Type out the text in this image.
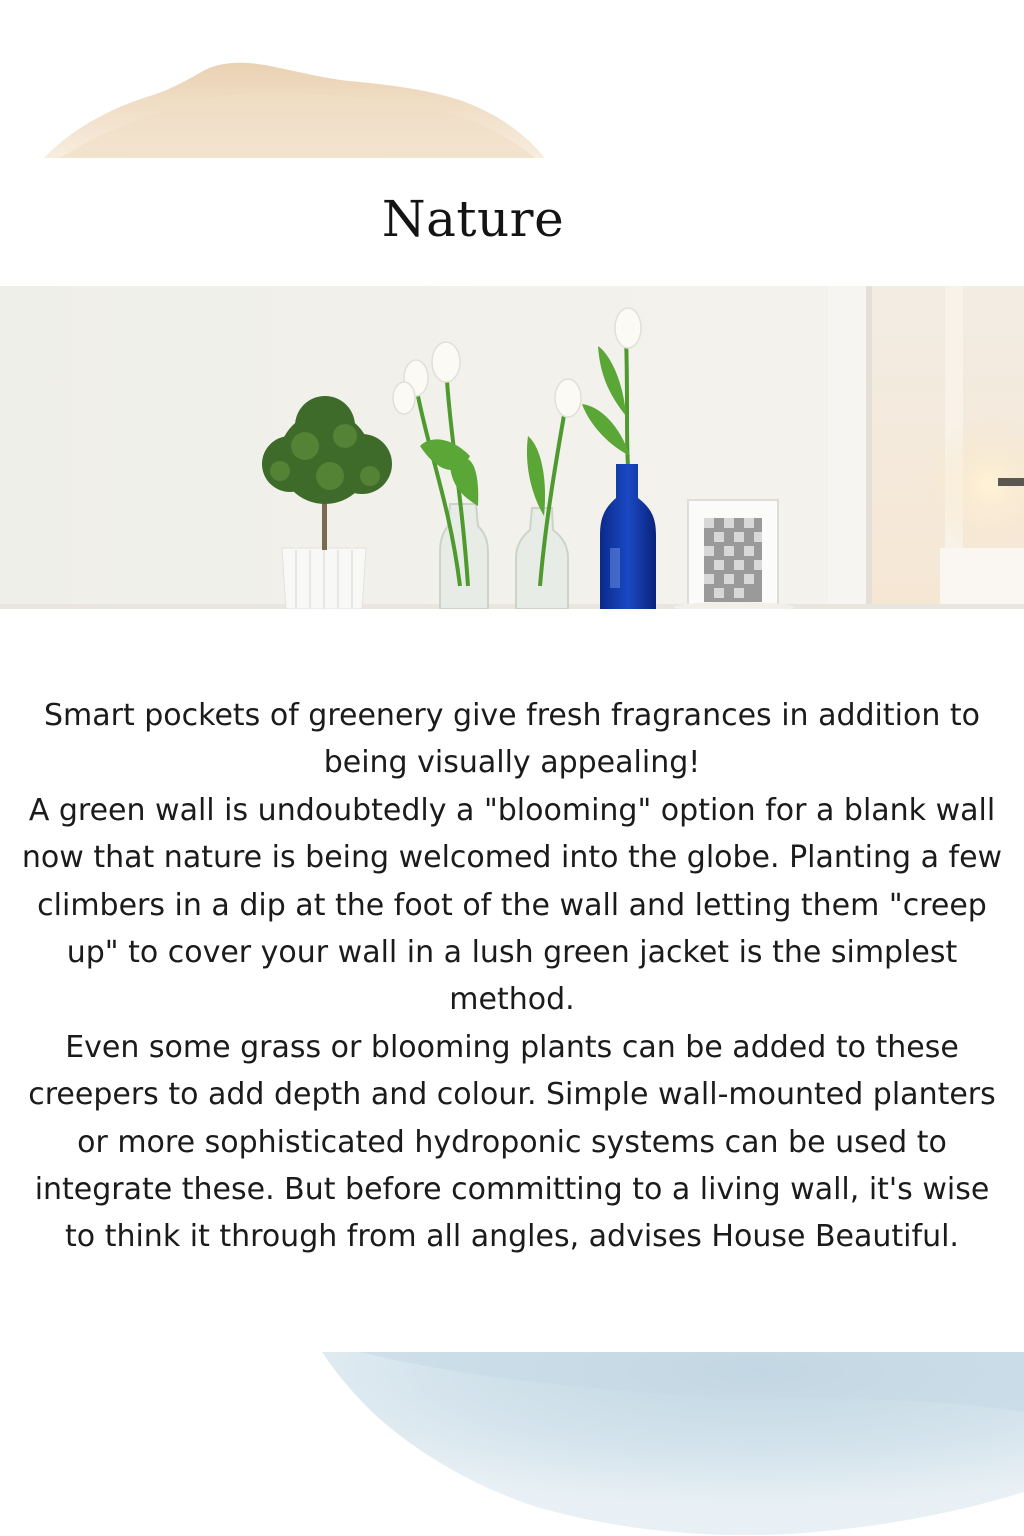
Nature

Smart pockets of greenery give fresh fragrances in addition to being visually appealing!

A green wall is undoubtedly a "blooming" option for a blank wall now that nature is being welcomed into the globe. Planting a few climbers in a dip at the foot of the wall and letting them "creep up" to cover your wall in a lush green jacket is the simplest method.

Even some grass or blooming plants can be added to these creepers to add depth and colour. Simple wall-mounted planters or more sophisticated hydroponic systems can be used to integrate these. But before committing to a living wall, it's wise to think it through from all angles, advises House Beautiful.
